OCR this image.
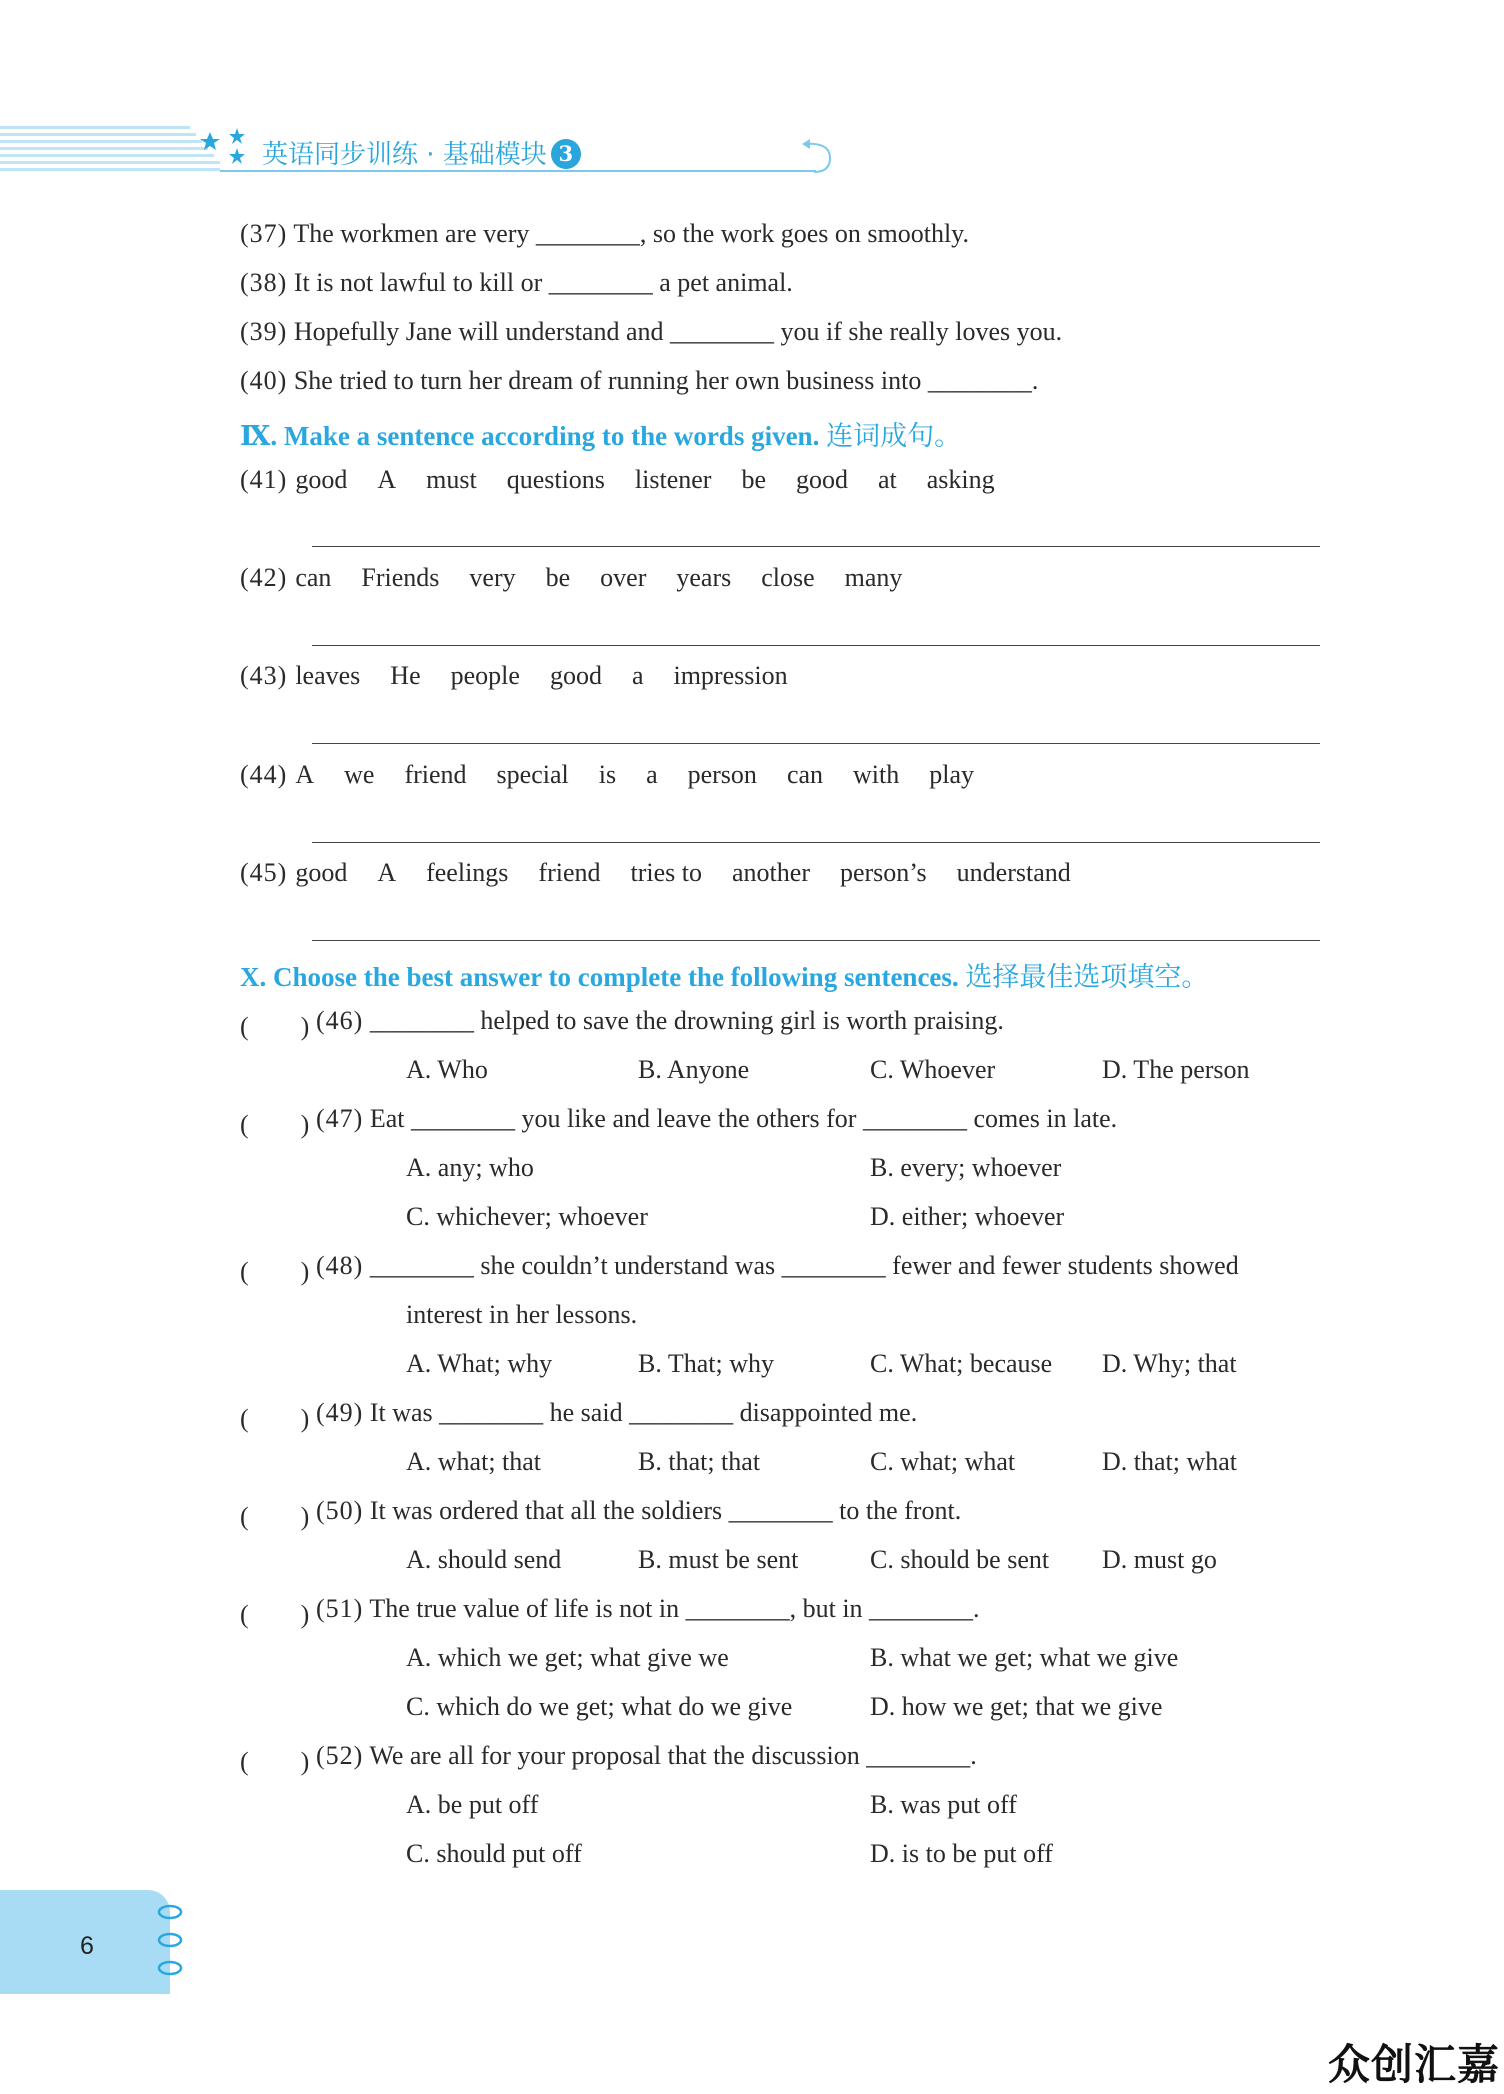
英语同步训练 · 基础模块 3
(37) The workmen are very ________, so the work goes on smoothly.
(38) It is not lawful to kill or ________ a pet animal.
(39) Hopefully Jane will understand and ________ you if she really loves you.
(40) She tried to turn her dream of running her own business into ________.
Ⅸ. Make a sentence according to the words given. 连词成句。
(41) good A must questions listener be good at asking
(42) can Friends very be over years close many
(43) leaves He people good a impression
(44) A we friend special is a person can with play
(45) good A feelings friend tries to another person’s understand
X. Choose the best answer to complete the following sentences. 选择最佳选项填空。
(　　) (46) ________ helped to save the drowning girl is worth praising.
A. Who	B. Anyone	C. Whoever	D. The person
(　　) (47) Eat ________ you like and leave the others for ________ comes in late.
A. any; who	B. every; whoever
C. whichever; whoever	D. either; whoever
(　　) (48) ________ she couldn’t understand was ________ fewer and fewer students showed
interest in her lessons.
A. What; why	B. That; why	C. What; because D. Why; that
(　　) (49) It was ________ he said ________ disappointed me.
A. what; that	B. that; that	C. what; what	D. that; what
(　　) (50) It was ordered that all the soldiers ________ to the front.
A. should send	B. must be sent	C. should be sent D. must go
(　　) (51) The true value of life is not in ________, but in ________.
A. which we get; what give we	B. what we get; what we give
C. which do we get; what do we give	D. how we get; that we give
(　　) (52) We are all for your proposal that the discussion ________.
A. be put off	B. was put off
C. should put off	D. is to be put off
6
众创汇嘉
